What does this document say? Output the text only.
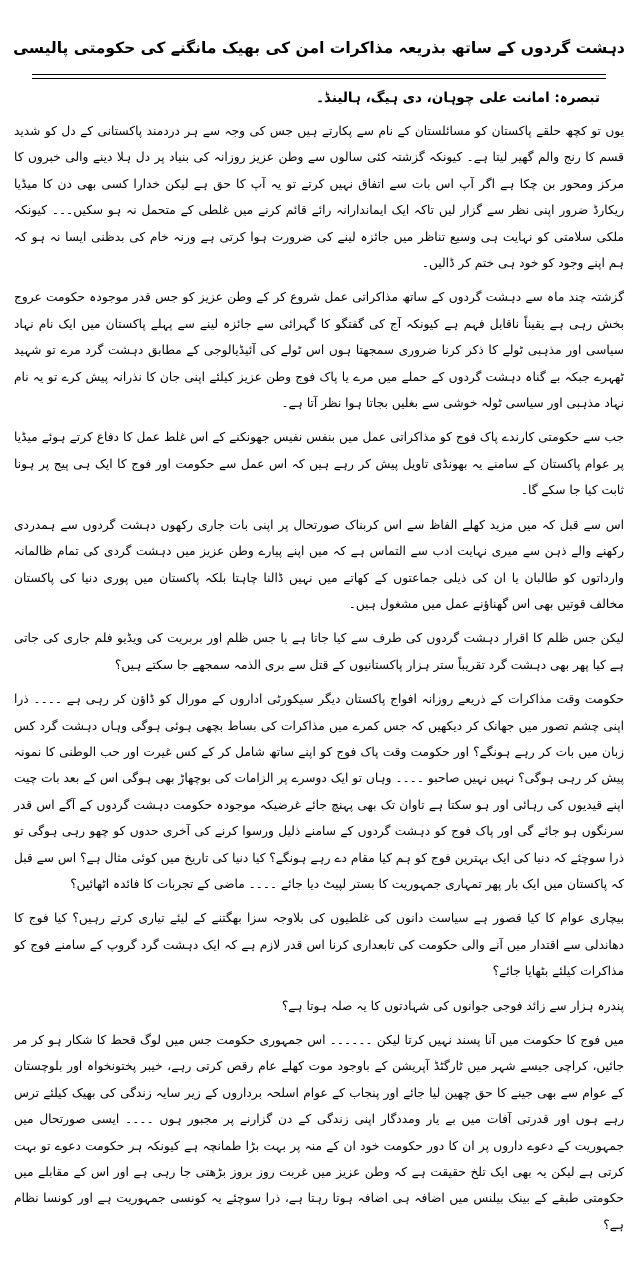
دہشت گردوں کے ساتھ بذریعہ مذاکرات امن کی بھیک مانگنے کی حکومتی پالیسی
تبصرہ: امانت علی چوہان، دی ہیگ، ہالینڈ۔

یوں تو کچھ حلقے پاکستان کو مسائلستان کے نام سے پکارتے ہیں جس کی وجہ سے ہر دردمند پاکستانی کے دل کو شدید قسم کا رنج والم گھیر لیتا ہے۔ کیونکہ گزشتہ کئی سالوں سے وطن عزیز روزانہ کی بنیاد پر دل ہلا دینے والی خبروں کا مرکز ومحور بن چکا ہے اگر آپ اس بات سے اتفاق نہیں کرتے تو یہ آپ کا حق ہے لیکن خدارا کسی بھی دن کا میڈیا ریکارڈ ضرور اپنی نظر سے گزار لیں تاکہ ایک ایماندارانہ رائے قائم کرنے میں غلطی کے متحمل نہ ہو سکیں۔۔۔ کیونکہ ملکی سلامتی کو نہایت ہی وسیع تناظر میں جائزہ لینے کی ضرورت ہوا کرتی ہے ورنہ خام کی بدظنی ایسا نہ ہو کہ ہم اپنے وجود کو خود ہی ختم کر ڈالیں۔

گزشتہ چند ماہ سے دہشت گردوں کے ساتھ مذاکراتی عمل شروع کر کے وطن عزیز کو جس قدر موجودہ حکومت عروج بخش رہی ہے یقیناً ناقابل فہم ہے کیونکہ آج کی گفتگو کا گہرائی سے جائزہ لینے سے پہلے پاکستان میں ایک نام نہاد سیاسی اور مذہبی ٹولے کا ذکر کرنا ضروری سمجھتا ہوں اس ٹولے کی آئیڈیالوجی کے مطابق دہشت گرد مرے تو شہید ٹھہرے جبکہ بے گناہ دہشت گردوں کے حملے میں مرے یا پاک فوج وطن عزیز کیلئے اپنی جان کا نذرانہ پیش کرے تو یہ نام نہاد مذہبی اور سیاسی ٹولہ خوشی سے بغلیں بجاتا ہوا نظر آتا ہے۔

جب سے حکومتی کارندے پاک فوج کو مذاکراتی عمل میں بنفس نفیس جھونکنے کے اس غلط عمل کا دفاع کرتے ہوئے میڈیا پر عوام پاکستان کے سامنے یہ بھونڈی تاویل پیش کر رہے ہیں کہ اس عمل سے حکومت اور فوج کا ایک ہی پیج پر ہونا ثابت کیا جا سکے گا۔

اس سے قبل کہ میں مزید کھلے الفاظ سے اس کربناک صورتحال پر اپنی بات جاری رکھوں دہشت گردوں سے ہمدردی رکھنے والے ذہن سے میری نہایت ادب سے التماس ہے کہ میں اپنے پیارے وطن عزیز میں دہشت گردی کی تمام ظالمانہ وارداتوں کو طالبان یا ان کی ذیلی جماعتوں کے کھاتے میں نہیں ڈالنا چاہتا بلکہ پاکستان میں پوری دنیا کی پاکستان مخالف قوتیں بھی اس گھناؤنے عمل میں مشغول ہیں۔

لیکن جس ظلم کا اقرار دہشت گردوں کی طرف سے کیا جاتا ہے یا جس ظلم اور بربریت کی ویڈیو فلم جاری کی جاتی ہے کیا پھر بھی دہشت گرد تقریباً ستر ہزار پاکستانیوں کے قتل سے بری الذمہ سمجھے جا سکتے ہیں؟

حکومت وقت مذاکرات کے ذریعے روزانہ افواج پاکستان دیگر سیکورٹی اداروں کے مورال کو ڈاؤن کر رہی ہے ۔۔۔۔ ذرا اپنی چشم تصور میں جھانک کر دیکھیں کہ جس کمرے میں مذاکرات کی بساط بچھی ہوئی ہوگی وہاں دہشت گرد کس زبان میں بات کر رہے ہونگے؟ اور حکومت وقت پاک فوج کو اپنے ساتھ شامل کر کے کس غیرت اور حب الوطنی کا نمونہ پیش کر رہی ہوگی؟ نہیں نہیں صاحبو ۔۔۔۔ وہاں تو ایک دوسرے پر الزامات کی بوچھاڑ بھی ہوگی اس کے بعد بات چیت اپنے قیدیوں کی رہائی اور ہو سکتا ہے تاوان تک بھی پہنچ جائے غرضیکہ موجودہ حکومت دہشت گردوں کے آگے اس قدر سرنگوں ہو جائے گی اور پاک فوج کو دہشت گردوں کے سامنے ذلیل ورسوا کرنے کی آخری حدوں کو چھو رہی ہوگی تو ذرا سوچئے کہ دنیا کی ایک بہترین فوج کو ہم کیا مقام دے رہے ہونگے؟ کیا دنیا کی تاریخ میں کوئی مثال ہے؟ اس سے قبل کہ پاکستان میں ایک بار پھر تمہاری جمہوریت کا بستر لپیٹ دیا جائے ۔۔۔۔ ماضی کے تجربات کا فائدہ اٹھائیں؟

بیچاری عوام کا کیا قصور ہے سیاست دانوں کی غلطیوں کی بلاوجہ سزا بھگتنے کے لیئے تیاری کرتے رہیں؟ کیا فوج کا دھاندلی سے اقتدار میں آنے والی حکومت کی تابعداری کرنا اس قدر لازم ہے کہ ایک دہشت گرد گروپ کے سامنے فوج کو مذاکرات کیلئے بٹھایا جائے؟

پندرہ ہزار سے زائد فوجی جوانوں کی شہادتوں کا یہ صلہ ہوتا ہے؟

میں فوج کا حکومت میں آنا پسند نہیں کرتا لیکن ۔۔۔۔۔۔ اس جمہوری حکومت جس میں لوگ قحط کا شکار ہو کر مر جائیں، کراچی جیسے شہر میں ٹارگٹڈ آپریشن کے باوجود موت کھلے عام رقص کرتی رہے، خیبر پختونخواہ اور بلوچستان کے عوام سے بھی جینے کا حق چھین لیا جائے اور پنجاب کے عوام اسلحہ برداروں کے زیر سایہ زندگی کی بھیک کیلئے ترس رہے ہوں اور قدرتی آفات میں بے یار ومددگار اپنی زندگی کے دن گزارنے پر مجبور ہوں ۔۔۔۔ ایسی صورتحال میں جمہوریت کے دعوے داروں پر ان کا دور حکومت خود ان کے منہ پر بہت بڑا طمانچہ ہے کیونکہ ہر حکومت دعوے تو بہت کرتی ہے لیکن یہ بھی ایک تلخ حقیقت ہے کہ وطن عزیز میں غربت روز بروز بڑھتی جا رہی ہے اور اس کے مقابلے میں حکومتی طبقے کے بینک بیلنس میں اضافہ ہی اضافہ ہوتا رہتا ہے، ذرا سوچئے یہ کونسی جمہوریت ہے اور کونسا نظام ہے؟
